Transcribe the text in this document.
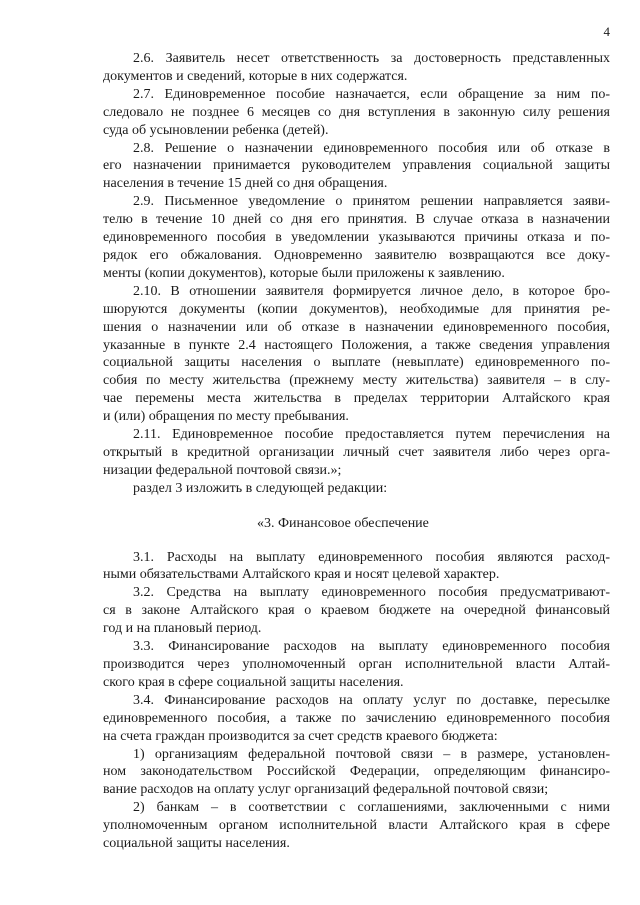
4
2.6. Заявитель несет ответственность за достоверность представленных
документов и сведений, которые в них содержатся.
2.7. Единовременное пособие назначается, если обращение за ним по-
следовало не позднее 6 месяцев со дня вступления в законную силу решения
суда об усыновлении ребенка (детей).
2.8. Решение о назначении единовременного пособия или об отказе в
его назначении принимается руководителем управления социальной защиты
населения в течение 15 дней со дня обращения.
2.9. Письменное уведомление о принятом решении направляется заяви-
телю в течение 10 дней со дня его принятия. В случае отказа в назначении
единовременного пособия в уведомлении указываются причины отказа и по-
рядок его обжалования. Одновременно заявителю возвращаются все доку-
менты (копии документов), которые были приложены к заявлению.
2.10. В отношении заявителя формируется личное дело, в которое бро-
шюруются документы (копии документов), необходимые для принятия ре-
шения о назначении или об отказе в назначении единовременного пособия,
указанные в пункте 2.4 настоящего Положения, а также сведения управления
социальной защиты населения о выплате (невыплате) единовременного по-
собия по месту жительства (прежнему месту жительства) заявителя – в слу-
чае перемены места жительства в пределах территории Алтайского края
и (или) обращения по месту пребывания.
2.11. Единовременное пособие предоставляется путем перечисления на
открытый в кредитной организации личный счет заявителя либо через орга-
низации федеральной почтовой связи.»;
раздел 3 изложить в следующей редакции:
«3. Финансовое обеспечение
3.1. Расходы на выплату единовременного пособия являются расход-
ными обязательствами Алтайского края и носят целевой характер.
3.2. Средства на выплату единовременного пособия предусматривают-
ся в законе Алтайского края о краевом бюджете на очередной финансовый
год и на плановый период.
3.3. Финансирование расходов на выплату единовременного пособия
производится через уполномоченный орган исполнительной власти Алтай-
ского края в сфере социальной защиты населения.
3.4. Финансирование расходов на оплату услуг по доставке, пересылке
единовременного пособия, а также по зачислению единовременного пособия
на счета граждан производится за счет средств краевого бюджета:
1) организациям федеральной почтовой связи – в размере, установлен-
ном законодательством Российской Федерации, определяющим финансиро-
вание расходов на оплату услуг организаций федеральной почтовой связи;
2) банкам – в соответствии с соглашениями, заключенными с ними
уполномоченным органом исполнительной власти Алтайского края в сфере
социальной защиты населения.
